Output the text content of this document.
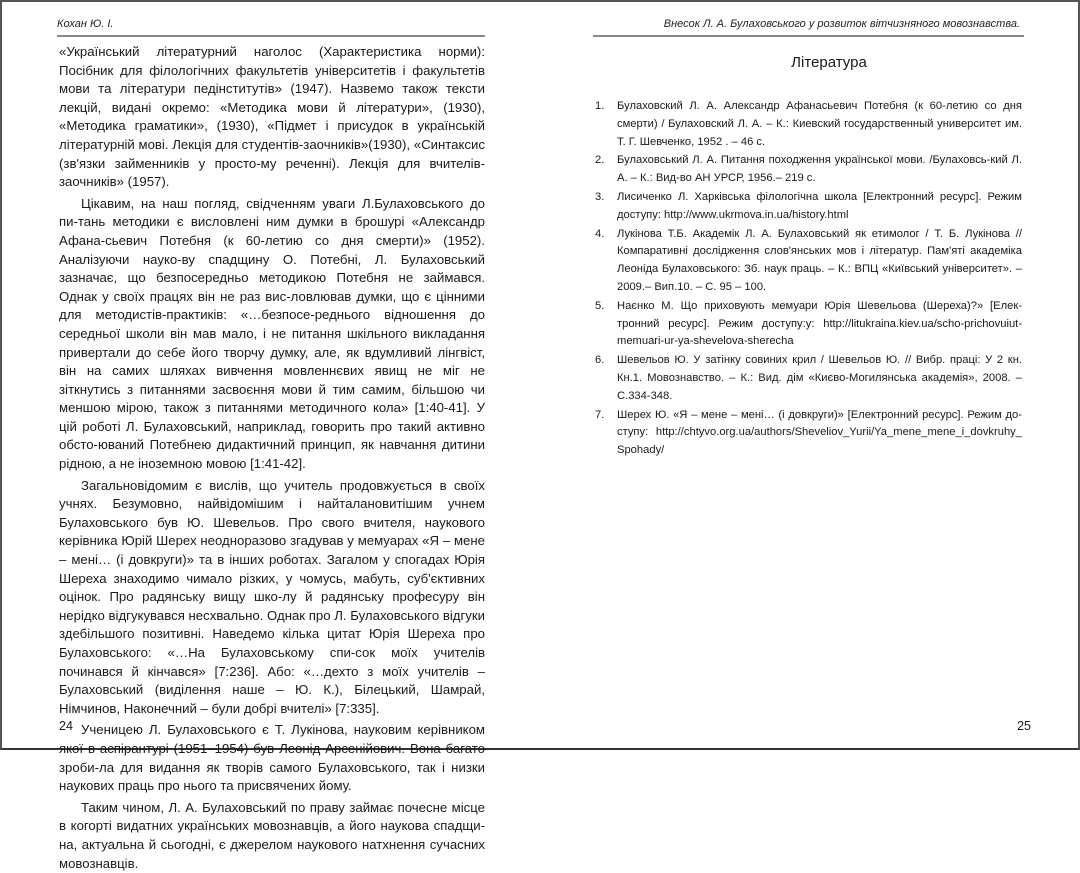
Кохан Ю. І.

«Український літературний наголос (Характеристика норми): Посібник для філологічних факультетів університетів і факультетів мови та літератури педінститутів» (1947). Назвемо також тексти лекцій, видані окремо: «Методика мови й літератури», (1930), «Методика граматики», (1930), «Підмет і присудок в українській літературній мові. Лекція для студентів-заочників»(1930), «Синтаксис (зв'язки займенників у просто-му реченні). Лекція для вчителів-заочників» (1957).

Цікавим, на наш погляд, свідченням уваги Л.Булаховського до пи-тань методики є висловлені ним думки в брошурі «Александр Афана-сьевич Потебня (к 60-летию со дня смерти)» (1952). Аналізуючи науко-ву спадщину О. Потебні, Л. Булаховський зазначає, що безпосередньо методикою Потебня не займався. Однак у своїх працях він не раз вис-ловлював думки, що є цінними для методистів-практиків: «…безпосе-реднього відношення до середньої школи він мав мало, і не питання шкільного викладання привертали до себе його творчу думку, але, як вдумливий лінгвіст, він на самих шляхах вивчення мовленнєвих явищ не міг не зіткнутись з питаннями засвоєння мови й тим самим, більшою чи меншою мірою, також з питаннями методичного кола» [1:40-41]. У цій роботі Л. Булаховський, наприклад, говорить про такий активно обсто-юваний Потебнею дидактичний принцип, як навчання дитини рідною, а не іноземною мовою [1:41-42].

Загальновідомим є вислів, що учитель продовжується в своїх учнях. Безумовно, найвідомішим і найталановитішим учнем Булаховського був Ю. Шевельов. Про свого вчителя, наукового керівника Юрій Шерех неодноразово згадував у мемуарах «Я – мене – мені… (і довкруги)» та в інших роботах. Загалом у спогадах Юрія Шереха знаходимо чимало різких, у чомусь, мабуть, суб'єктивних оцінок. Про радянську вищу шко-лу й радянську професуру він нерідко відгукувався несхвально. Однак про Л. Булаховського відгуки здебільшого позитивні. Наведемо кілька цитат Юрія Шереха про Булаховського: «…На Булаховському спи-сок моїх учителів починався й кінчався» [7:236]. Або: «…дехто з моїх учителів – Булаховський (виділення наше – Ю. К.), Білецький, Шамрай, Німчинов, Наконечний – були добрі вчителі» [7:335].

Ученицею Л. Булаховського є Т. Лукінова, науковим керівником якої в аспірантурі (1951–1954) був Леонід Арсенійович. Вона багато зроби-ла для видання як творів самого Булаховського, так і низки наукових праць про нього та присвячених йому.

Таким чином, Л. А. Булаховський по праву займає почесне місце в когорті видатних українських мовознавців, а його наукова спадщи-на, актуальна й сьогодні, є джерелом наукового натхнення сучасних мовознавців.

24
Внесок Л. А. Булаховського у розвиток вітчизняного мовознавства.
Література
1. Булаховский Л. А. Александр Афанасьевич Потебня (к 60-летию со дня смерти) / Булаховский Л. А. – К.: Киевский государственный университет им. Т. Г. Шевченко, 1952 . – 46 с.
2. Булаховський Л. А. Питання походження української мови. /Булаховсь-кий Л. А. – К.: Вид-во АН УРСР, 1956.– 219 с.
3. Лисиченко Л. Харківська філологічна школа [Електронний ресурс]. Режим доступу: http://www.ukrmova.in.ua/history.html
4. Лукінова Т.Б. Академік Л. А. Булаховський як етимолог / Т. Б. Лукінова // Компаративні дослідження слов'янських мов і літератур. Пам'яті академіка Леоніда Булаховського: Зб. наук праць. – К.: ВПЦ «Київський університет». – 2009.– Вип.10. – С. 95 – 100.
5. Наєнко М. Що приховують мемуари Юрія Шевельова (Шереха)?» [Елек-тронний ресурс]. Режим доступу:у: http://litukraina.kiev.ua/scho-prichovuiut-memuari-ur-ya-shevelova-sherecha
6. Шевельов Ю. У затінку совиних крил / Шевельов Ю. // Вибр. праці: У 2 кн. Кн.1. Мовознавство. – К.: Вид. дім «Києво-Могилянська академія», 2008. – С.334-348.
7. Шерех Ю. «Я – мене – мені… (і довкруги)» [Електронний ресурс]. Режим до-ступу: http://chtyvo.org.ua/authors/Sheveliov_Yurii/Ya_mene_mene_i_dovkruhy_ Spohady/
25
